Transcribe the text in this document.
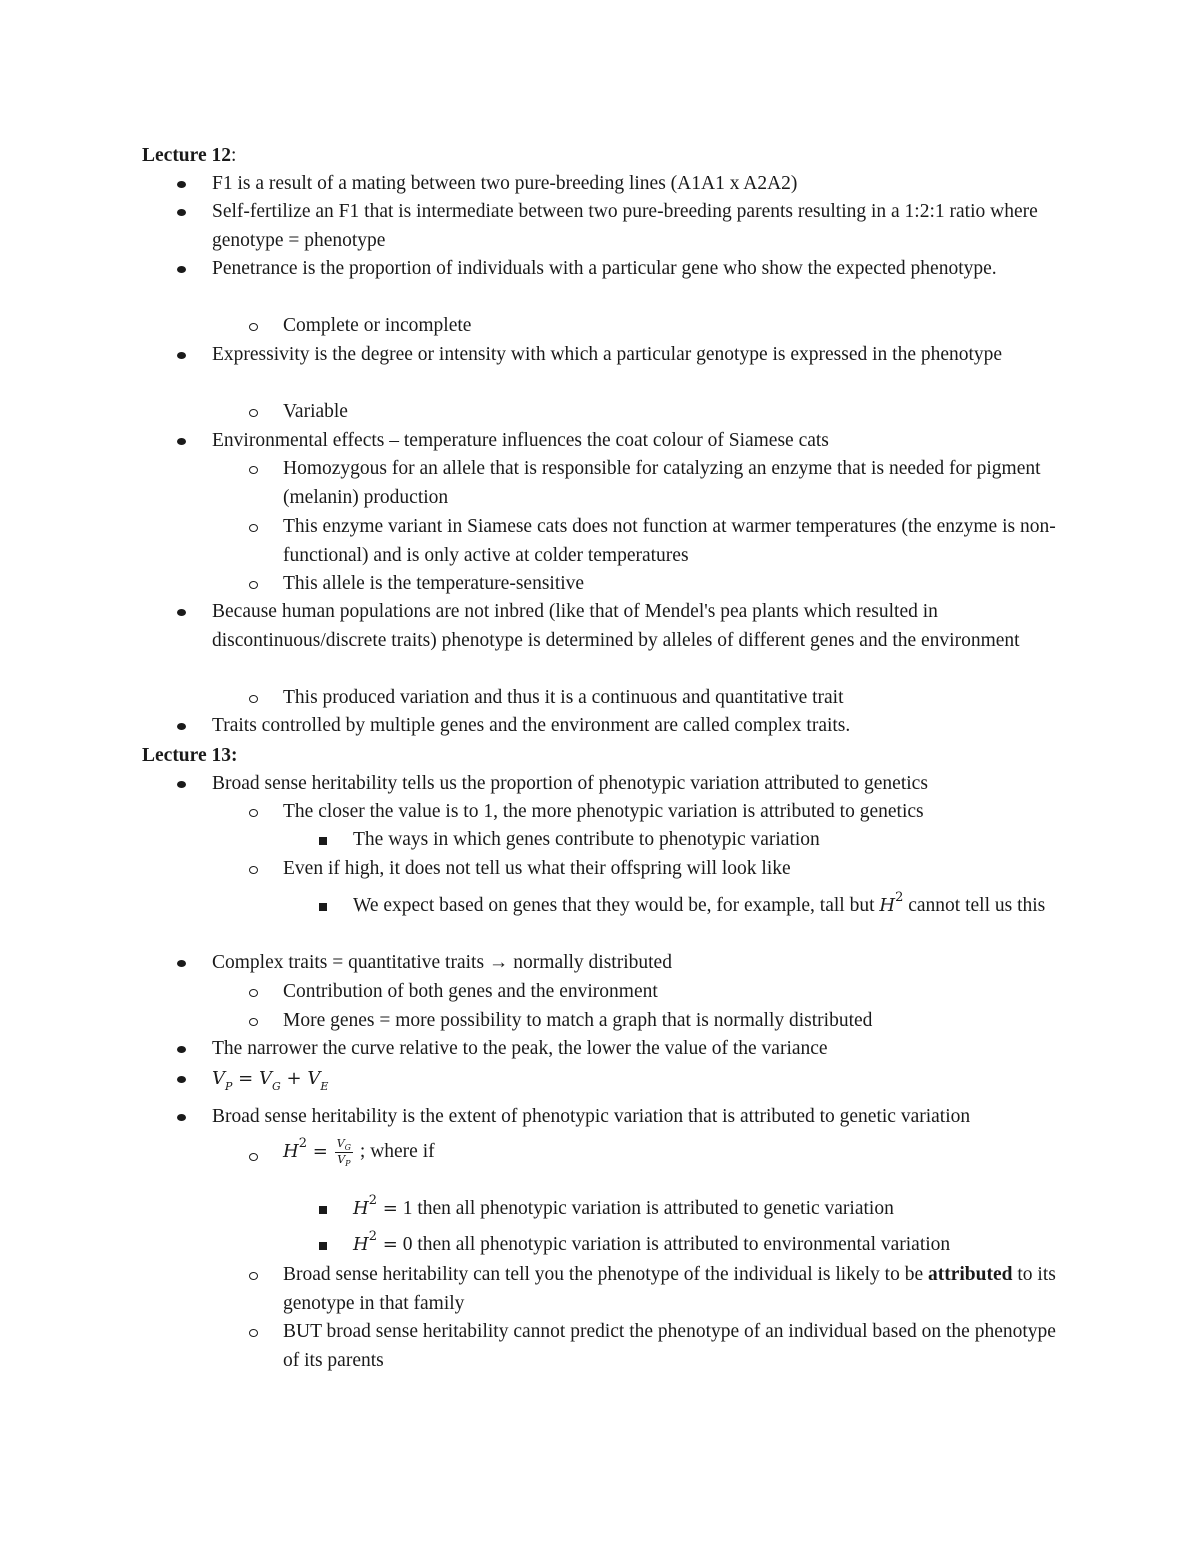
Lecture 12:
F1 is a result of a mating between two pure-breeding lines (A1A1 x A2A2)
Self-fertilize an F1 that is intermediate between two pure-breeding parents resulting in a 1:2:1 ratio where genotype = phenotype
Penetrance is the proportion of individuals with a particular gene who show the expected phenotype.
Complete or incomplete
Expressivity is the degree or intensity with which a particular genotype is expressed in the phenotype
Variable
Environmental effects – temperature influences the coat colour of Siamese cats
Homozygous for an allele that is responsible for catalyzing an enzyme that is needed for pigment (melanin) production
This enzyme variant in Siamese cats does not function at warmer temperatures (the enzyme is non-functional) and is only active at colder temperatures
This allele is the temperature-sensitive
Because human populations are not inbred (like that of Mendel's pea plants which resulted in discontinuous/discrete traits) phenotype is determined by alleles of different genes and the environment
This produced variation and thus it is a continuous and quantitative trait
Traits controlled by multiple genes and the environment are called complex traits.
Lecture 13:
Broad sense heritability tells us the proportion of phenotypic variation attributed to genetics
The closer the value is to 1, the more phenotypic variation is attributed to genetics
The ways in which genes contribute to phenotypic variation
Even if high, it does not tell us what their offspring will look like
We expect based on genes that they would be, for example, tall but $H^2$ cannot tell us this
Complex traits = quantitative traits → normally distributed
Contribution of both genes and the environment
More genes = more possibility to match a graph that is normally distributed
The narrower the curve relative to the peak, the lower the value of the variance
$V_P = V_G + V_E$
Broad sense heritability is the extent of phenotypic variation that is attributed to genetic variation
$H^2 = \frac{V_G}{V_P}$ ; where if
$H^2 = 1$ then all phenotypic variation is attributed to genetic variation
$H^2 = 0$ then all phenotypic variation is attributed to environmental variation
Broad sense heritability can tell you the phenotype of the individual is likely to be attributed to its genotype in that family
BUT broad sense heritability cannot predict the phenotype of an individual based on the phenotype of its parents
